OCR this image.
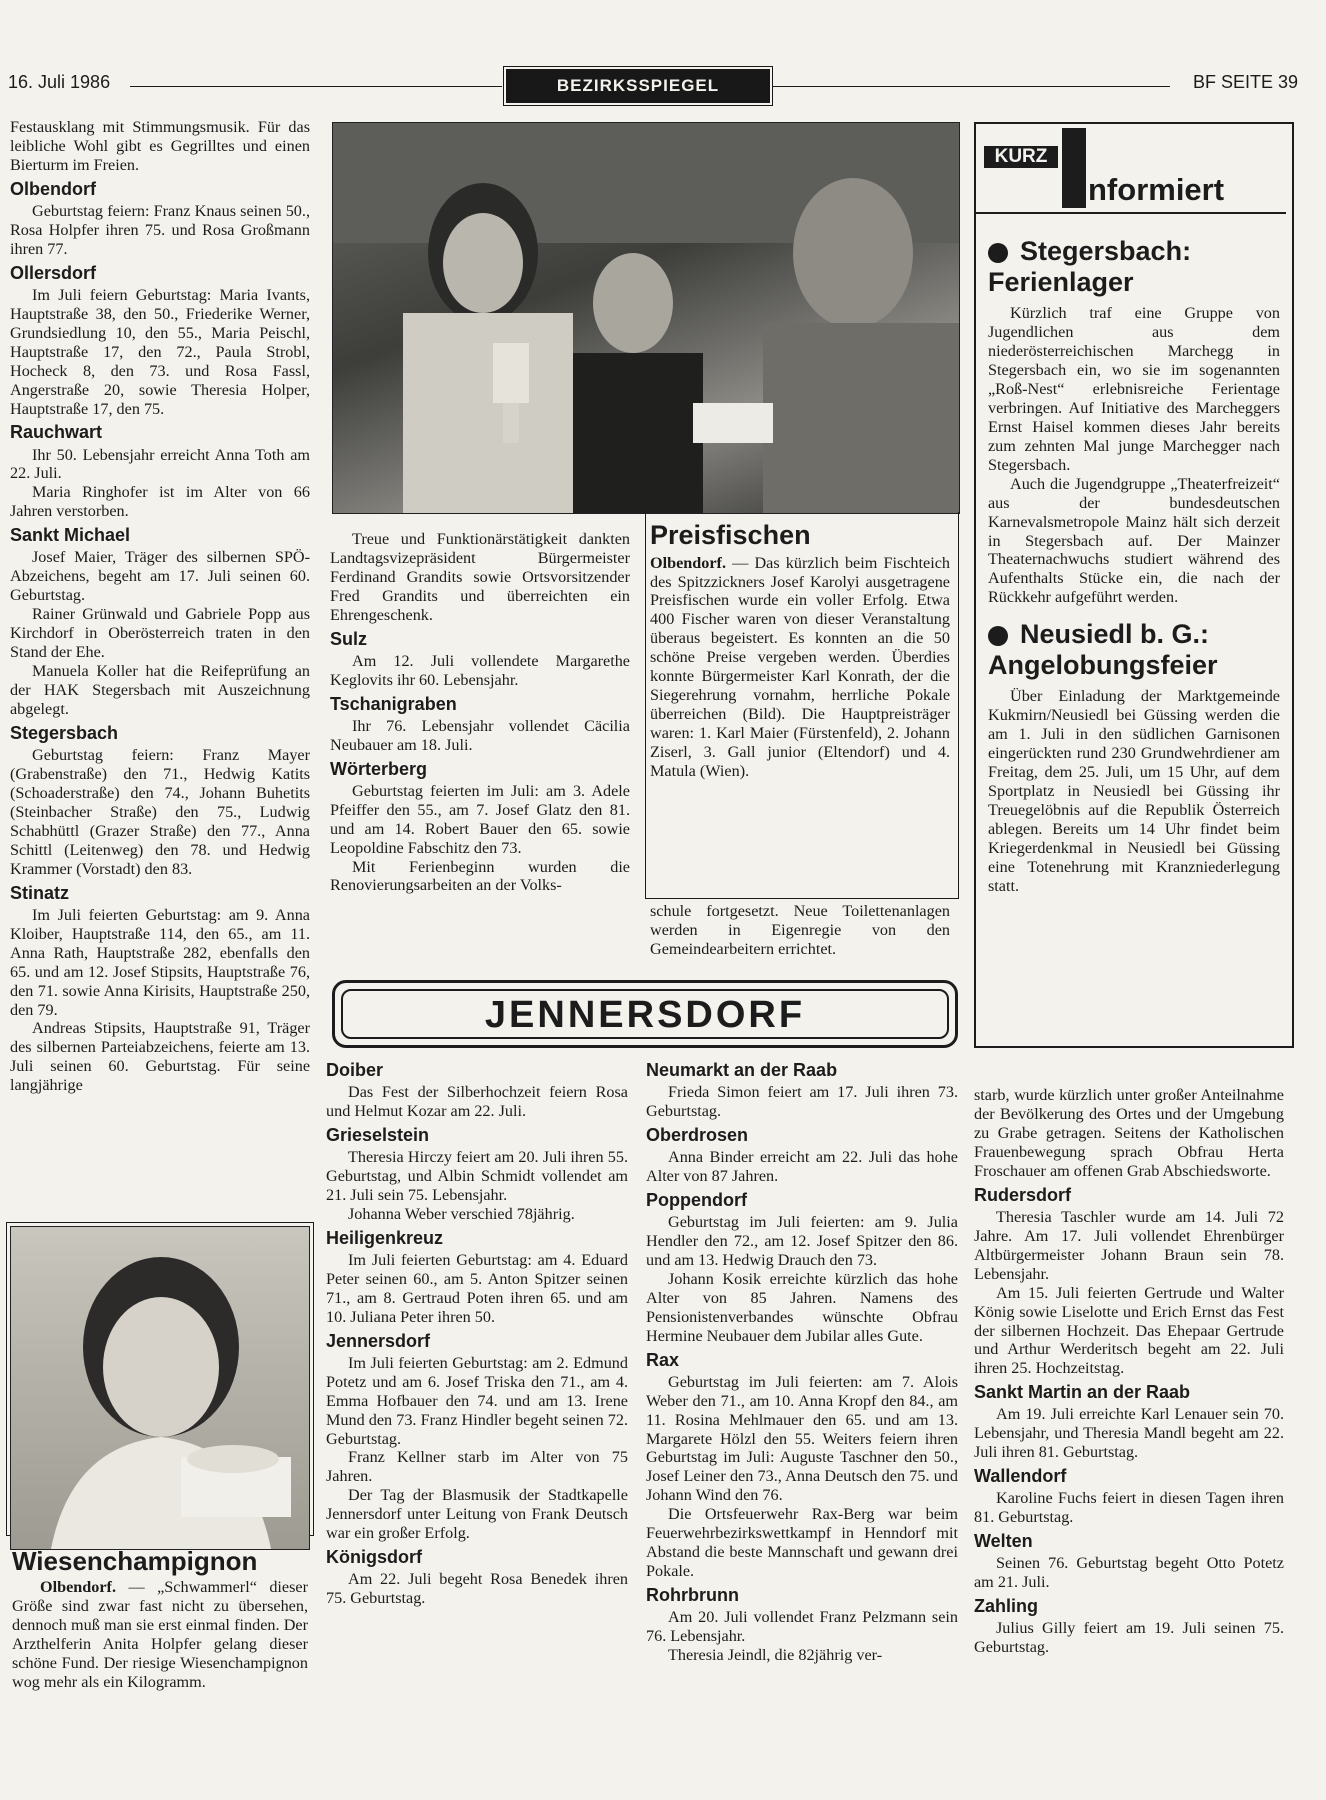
16. Juli 1986	BEZIRKSSPIEGEL	BF SEITE 39

Festausklang mit Stimmungsmusik. Für das leibliche Wohl gibt es Gegrilltes und einen Bierturm im Freien.

Olbendorf

Geburtstag feiern: Franz Knaus seinen 50., Rosa Holpfer ihren 75. und Rosa Großmann ihren 77.

Ollersdorf

Im Juli feiern Geburtstag: Maria Ivants, Hauptstraße 38, den 50., Friederike Werner, Grundsiedlung 10, den 55., Maria Peischl, Hauptstraße 17, den 72., Paula Strobl, Hocheck 8, den 73. und Rosa Fassl, Angerstraße 20, sowie Theresia Holper, Hauptstraße 17, den 75.

Rauchwart

Ihr 50. Lebensjahr erreicht Anna Toth am 22. Juli.

Maria Ringhofer ist im Alter von 66 Jahren verstorben.

Sankt Michael

Josef Maier, Träger des silbernen SPÖ-Abzeichens, begeht am 17. Juli seinen 60. Geburtstag.

Rainer Grünwald und Gabriele Popp aus Kirchdorf in Oberösterreich traten in den Stand der Ehe.

Manuela Koller hat die Reifeprüfung an der HAK Stegersbach mit Auszeichnung abgelegt.

Stegersbach

Geburtstag feiern: Franz Mayer (Grabenstraße) den 71., Hedwig Katits (Schoaderstraße) den 74., Johann Buhetits (Steinbacher Straße) den 75., Ludwig Schabhüttl (Grazer Straße) den 77., Anna Schittl (Leitenweg) den 78. und Hedwig Krammer (Vorstadt) den 83.

Stinatz

Im Juli feierten Geburtstag: am 9. Anna Kloiber, Hauptstraße 114, den 65., am 11. Anna Rath, Hauptstraße 282, ebenfalls den 65. und am 12. Josef Stipsits, Hauptstraße 76, den 71. sowie Anna Kirisits, Hauptstraße 250, den 79.

Andreas Stipsits, Hauptstraße 91, Träger des silbernen Parteiabzeichens, feierte am 13. Juli seinen 60. Geburtstag. Für seine langjährige

Treue und Funktionärstätigkeit dankten Landtagsvizepräsident Bürgermeister Ferdinand Grandits sowie Ortsvorsitzender Fred Grandits und überreichten ein Ehrengeschenk.

Sulz

Am 12. Juli vollendete Margarethe Keglovits ihr 60. Lebensjahr.

Tschanigraben

Ihr 76. Lebensjahr vollendet Cäcilia Neubauer am 18. Juli.

Wörterberg

Geburtstag feierten im Juli: am 3. Adele Pfeiffer den 55., am 7. Josef Glatz den 81. und am 14. Robert Bauer den 65. sowie Leopoldine Fabschitz den 73.

Mit Ferienbeginn wurden die Renovierungsarbeiten an der Volks-

Preisfischen

Olbendorf. — Das kürzlich beim Fischteich des Spitzzickners Josef Karolyi ausgetragene Preisfischen wurde ein voller Erfolg. Etwa 400 Fischer waren von dieser Veranstaltung überaus begeistert. Es konnten an die 50 schöne Preise vergeben werden. Überdies konnte Bürgermeister Karl Konrath, der die Siegerehrung vornahm, herrliche Pokale überreichen (Bild). Die Hauptpreisträger waren: 1. Karl Maier (Fürstenfeld), 2. Johann Ziserl, 3. Gall junior (Eltendorf) und 4. Matula (Wien).

schule fortgesetzt. Neue Toilettenanlagen werden in Eigenregie von den Gemeindearbeitern errichtet.

KURZ
nformiert
Stegersbach: Ferienlager

Kürzlich traf eine Gruppe von Jugendlichen aus dem niederösterreichischen Marchegg in Stegersbach ein, wo sie im sogenannten „Roß-Nest“ erlebnisreiche Ferientage verbringen. Auf Initiative des Marcheggers Ernst Haisel kommen dieses Jahr bereits zum zehnten Mal junge Marchegger nach Stegersbach.

Auch die Jugendgruppe „Theaterfreizeit“ aus der bundesdeutschen Karnevalsmetropole Mainz hält sich derzeit in Stegersbach auf. Der Mainzer Theaternachwuchs studiert während des Aufenthalts Stücke ein, die nach der Rückkehr aufgeführt werden.

Neusiedl b. G.: Angelobungsfeier

Über Einladung der Marktgemeinde Kukmirn/Neusiedl bei Güssing werden die am 1. Juli in den südlichen Garnisonen eingerückten rund 230 Grundwehrdiener am Freitag, dem 25. Juli, um 15 Uhr, auf dem Sportplatz in Neusiedl bei Güssing ihr Treuegelöbnis auf die Republik Österreich ablegen. Bereits um 14 Uhr findet beim Kriegerdenkmal in Neusiedl bei Güssing eine Totenehrung mit Kranzniederlegung statt.

JENNERSDORF
Wiesenchampignon

Olbendorf. — „Schwammerl“ dieser Größe sind zwar fast nicht zu übersehen, dennoch muß man sie erst einmal finden. Der Arzthelferin Anita Holpfer gelang dieser schöne Fund. Der riesige Wiesenchampignon wog mehr als ein Kilogramm.

Doiber

Das Fest der Silberhochzeit feiern Rosa und Helmut Kozar am 22. Juli.

Grieselstein

Theresia Hirczy feiert am 20. Juli ihren 55. Geburtstag, und Albin Schmidt vollendet am 21. Juli sein 75. Lebensjahr.

Johanna Weber verschied 78jährig.

Heiligenkreuz

Im Juli feierten Geburtstag: am 4. Eduard Peter seinen 60., am 5. Anton Spitzer seinen 71., am 8. Gertraud Poten ihren 65. und am 10. Juliana Peter ihren 50.

Jennersdorf

Im Juli feierten Geburtstag: am 2. Edmund Potetz und am 6. Josef Triska den 71., am 4. Emma Hofbauer den 74. und am 13. Irene Mund den 73. Franz Hindler begeht seinen 72. Geburtstag.

Franz Kellner starb im Alter von 75 Jahren.

Der Tag der Blasmusik der Stadtkapelle Jennersdorf unter Leitung von Frank Deutsch war ein großer Erfolg.

Königsdorf

Am 22. Juli begeht Rosa Benedek ihren 75. Geburtstag.

Neumarkt an der Raab

Frieda Simon feiert am 17. Juli ihren 73. Geburtstag.

Oberdrosen

Anna Binder erreicht am 22. Juli das hohe Alter von 87 Jahren.

Poppendorf

Geburtstag im Juli feierten: am 9. Julia Hendler den 72., am 12. Josef Spitzer den 86. und am 13. Hedwig Drauch den 73.

Johann Kosik erreichte kürzlich das hohe Alter von 85 Jahren. Namens des Pensionistenverbandes wünschte Obfrau Hermine Neubauer dem Jubilar alles Gute.

Rax

Geburtstag im Juli feierten: am 7. Alois Weber den 71., am 10. Anna Kropf den 84., am 11. Rosina Mehlmauer den 65. und am 13. Margarete Hölzl den 55. Weiters feiern ihren Geburtstag im Juli: Auguste Taschner den 50., Josef Leiner den 73., Anna Deutsch den 75. und Johann Wind den 76.

Die Ortsfeuerwehr Rax-Berg war beim Feuerwehrbezirkswettkampf in Henndorf mit Abstand die beste Mannschaft und gewann drei Pokale.

Rohrbrunn

Am 20. Juli vollendet Franz Pelzmann sein 76. Lebensjahr.

Theresia Jeindl, die 82jährig ver-

starb, wurde kürzlich unter großer Anteilnahme der Bevölkerung des Ortes und der Umgebung zu Grabe getragen. Seitens der Katholischen Frauenbewegung sprach Obfrau Herta Froschauer am offenen Grab Abschiedsworte.

Rudersdorf

Theresia Taschler wurde am 14. Juli 72 Jahre. Am 17. Juli vollendet Ehrenbürger Altbürgermeister Johann Braun sein 78. Lebensjahr.

Am 15. Juli feierten Gertrude und Walter König sowie Liselotte und Erich Ernst das Fest der silbernen Hochzeit. Das Ehepaar Gertrude und Arthur Werderitsch begeht am 22. Juli ihren 25. Hochzeitstag.

Sankt Martin an der Raab

Am 19. Juli erreichte Karl Lenauer sein 70. Lebensjahr, und Theresia Mandl begeht am 22. Juli ihren 81. Geburtstag.

Wallendorf

Karoline Fuchs feiert in diesen Tagen ihren 81. Geburtstag.

Welten

Seinen 76. Geburtstag begeht Otto Potetz am 21. Juli.

Zahling

Julius Gilly feiert am 19. Juli seinen 75. Geburtstag.
